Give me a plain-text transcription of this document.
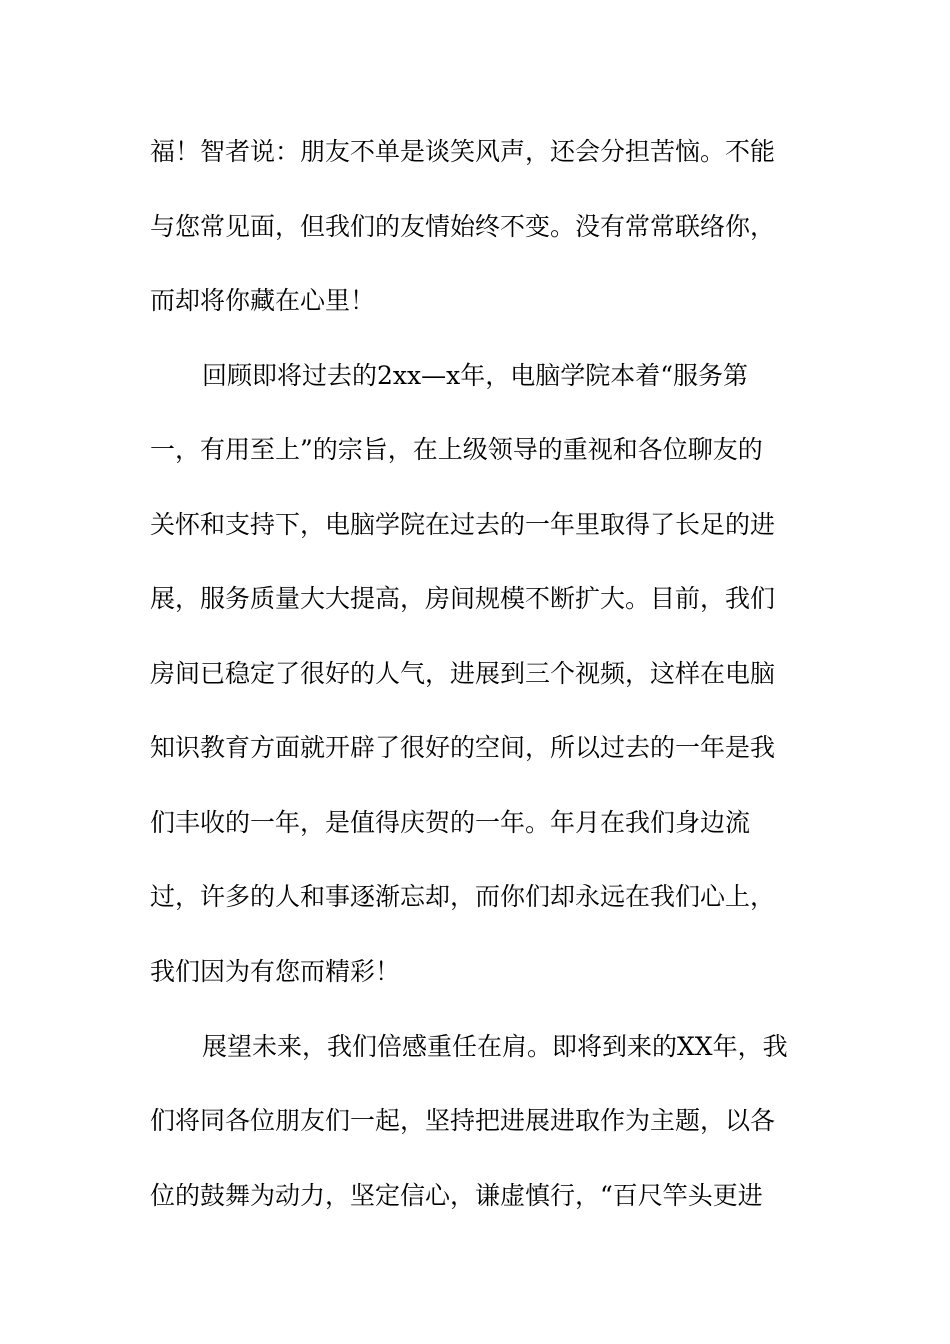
福！智者说：朋友不单是谈笑风声，还会分担苦恼。不能

与您常见面，但我们的友情始终不变。没有常常联络你，

而却将你藏在心里！

回顾即将过去的2xx—x年，电脑学院本着“服务第

一，有用至上”的宗旨，在上级领导的重视和各位聊友的

关怀和支持下，电脑学院在过去的一年里取得了长足的进

展，服务质量大大提高，房间规模不断扩大。目前，我们

房间已稳定了很好的人气，进展到三个视频，这样在电脑

知识教育方面就开辟了很好的空间，所以过去的一年是我

们丰收的一年，是值得庆贺的一年。年月在我们身边流

过，许多的人和事逐渐忘却，而你们却永远在我们心上，

我们因为有您而精彩！

展望未来，我们倍感重任在肩。即将到来的XX年，我

们将同各位朋友们一起，坚持把进展进取作为主题，以各

位的鼓舞为动力，坚定信心，谦虚慎行，“百尺竿头更进
